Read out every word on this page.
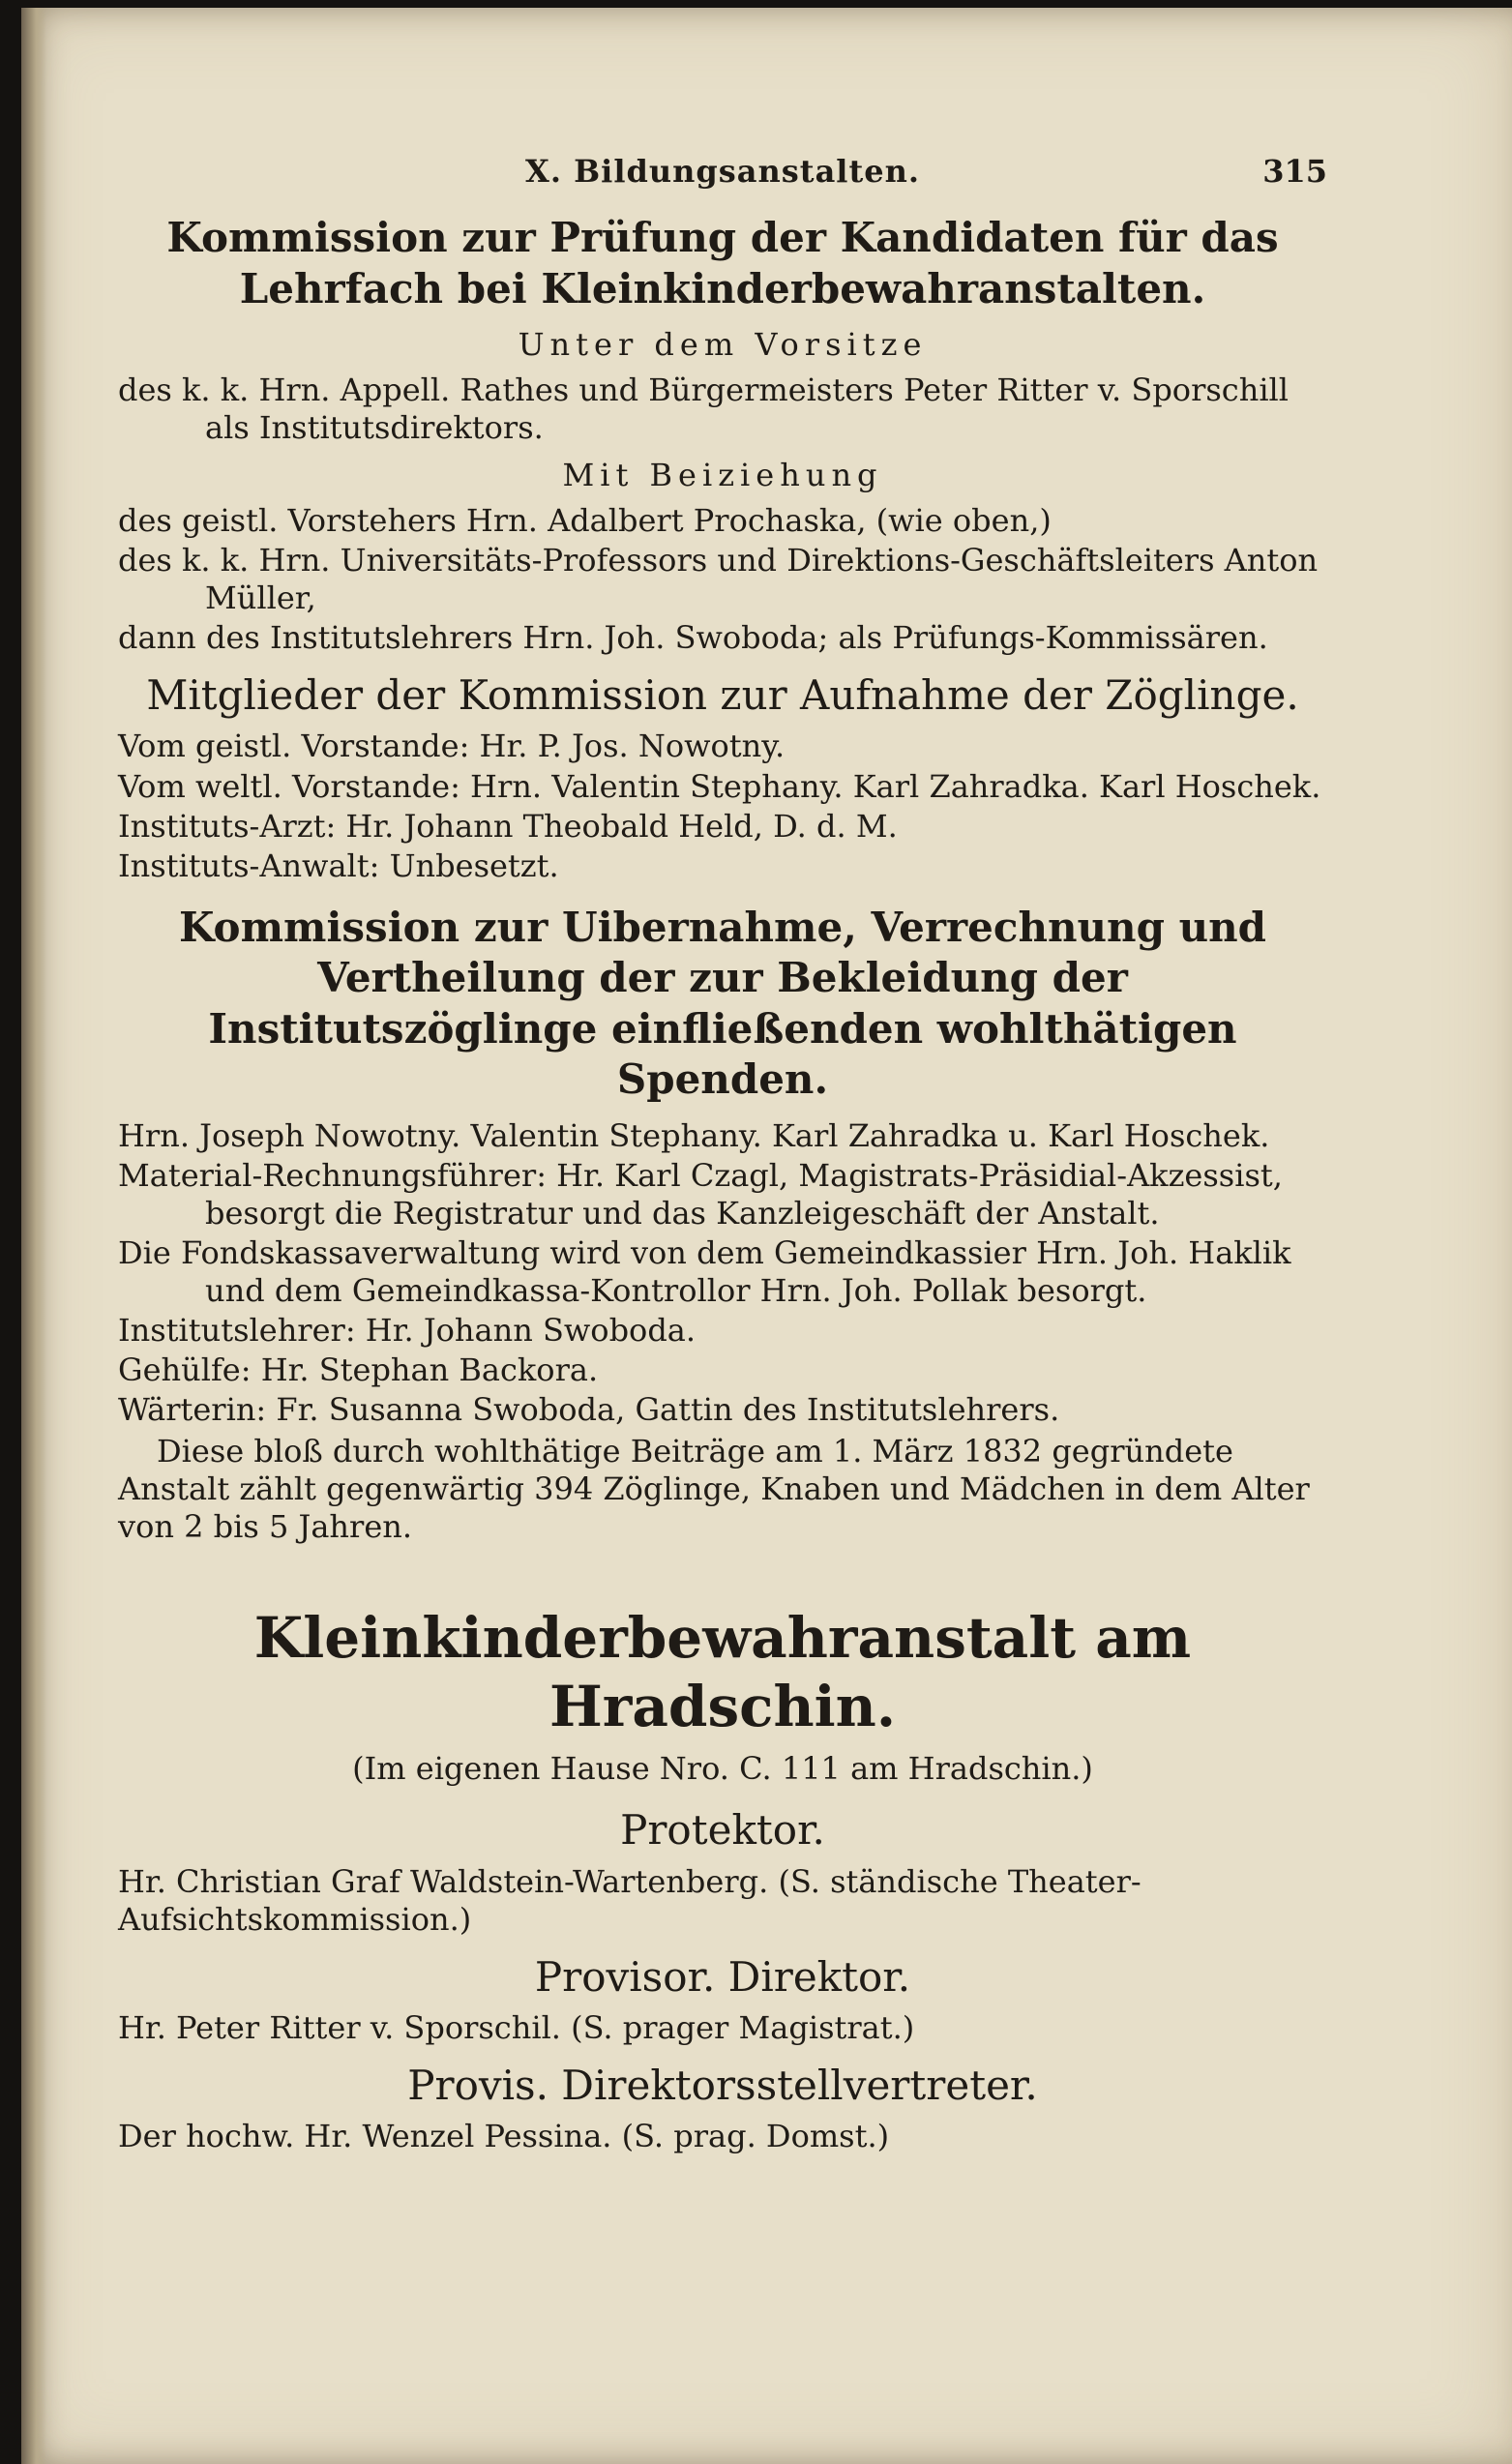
X. Bildungsanstalten.	315
Kommission zur Prüfung der Kandidaten für das Lehrfach bei Kleinkinderbewahranstalten.
Unter dem Vorsitze
des k. k. Hrn. Appell. Rathes und Bürgermeisters Peter Ritter v. Sporschill als Institutsdirektors.
Mit Beiziehung
des geistl. Vorstehers Hrn. Adalbert Prochaska, (wie oben,)
des k. k. Hrn. Universitäts-Professors und Direktions-Geschäftsleiters Anton Müller,
dann des Institutslehrers Hrn. Joh. Swoboda; als Prüfungs-Kommissären.
Mitglieder der Kommission zur Aufnahme der Zöglinge.
Vom geistl. Vorstande: Hr. P. Jos. Nowotny.
Vom weltl. Vorstande: Hrn. Valentin Stephany. Karl Zahradka. Karl Hoschek.
Instituts-Arzt: Hr. Johann Theobald Held, D. d. M.
Instituts-Anwalt: Unbesetzt.
Kommission zur Uibernahme, Verrechnung und Vertheilung der zur Bekleidung der Institutszöglinge einfließenden wohlthätigen Spenden.
Hrn. Joseph Nowotny. Valentin Stephany. Karl Zahradka u. Karl Hoschek.
Material-Rechnungsführer: Hr. Karl Czagl, Magistrats-Präsidial-Akzessist, besorgt die Registratur und das Kanzleigeschäft der Anstalt.
Die Fondskassaverwaltung wird von dem Gemeindkassier Hrn. Joh. Haklik und dem Gemeindkassa-Kontrollor Hrn. Joh. Pollak besorgt.
Institutslehrer: Hr. Johann Swoboda.
Gehülfe: Hr. Stephan Backora.
Wärterin: Fr. Susanna Swoboda, Gattin des Institutslehrers.
Diese bloß durch wohlthätige Beiträge am 1. März 1832 gegründete Anstalt zählt gegenwärtig 394 Zöglinge, Knaben und Mädchen in dem Alter von 2 bis 5 Jahren.
Kleinkinderbewahranstalt am Hradschin.
(Im eigenen Hause Nro. C. 111 am Hradschin.)
Protektor.
Hr. Christian Graf Waldstein-Wartenberg. (S. ständische Theater-Aufsichtskommission.)
Provisor. Direktor.
Hr. Peter Ritter v. Sporschil. (S. prager Magistrat.)
Provis. Direktorsstellvertreter.
Der hochw. Hr. Wenzel Pessina. (S. prag. Domst.)
